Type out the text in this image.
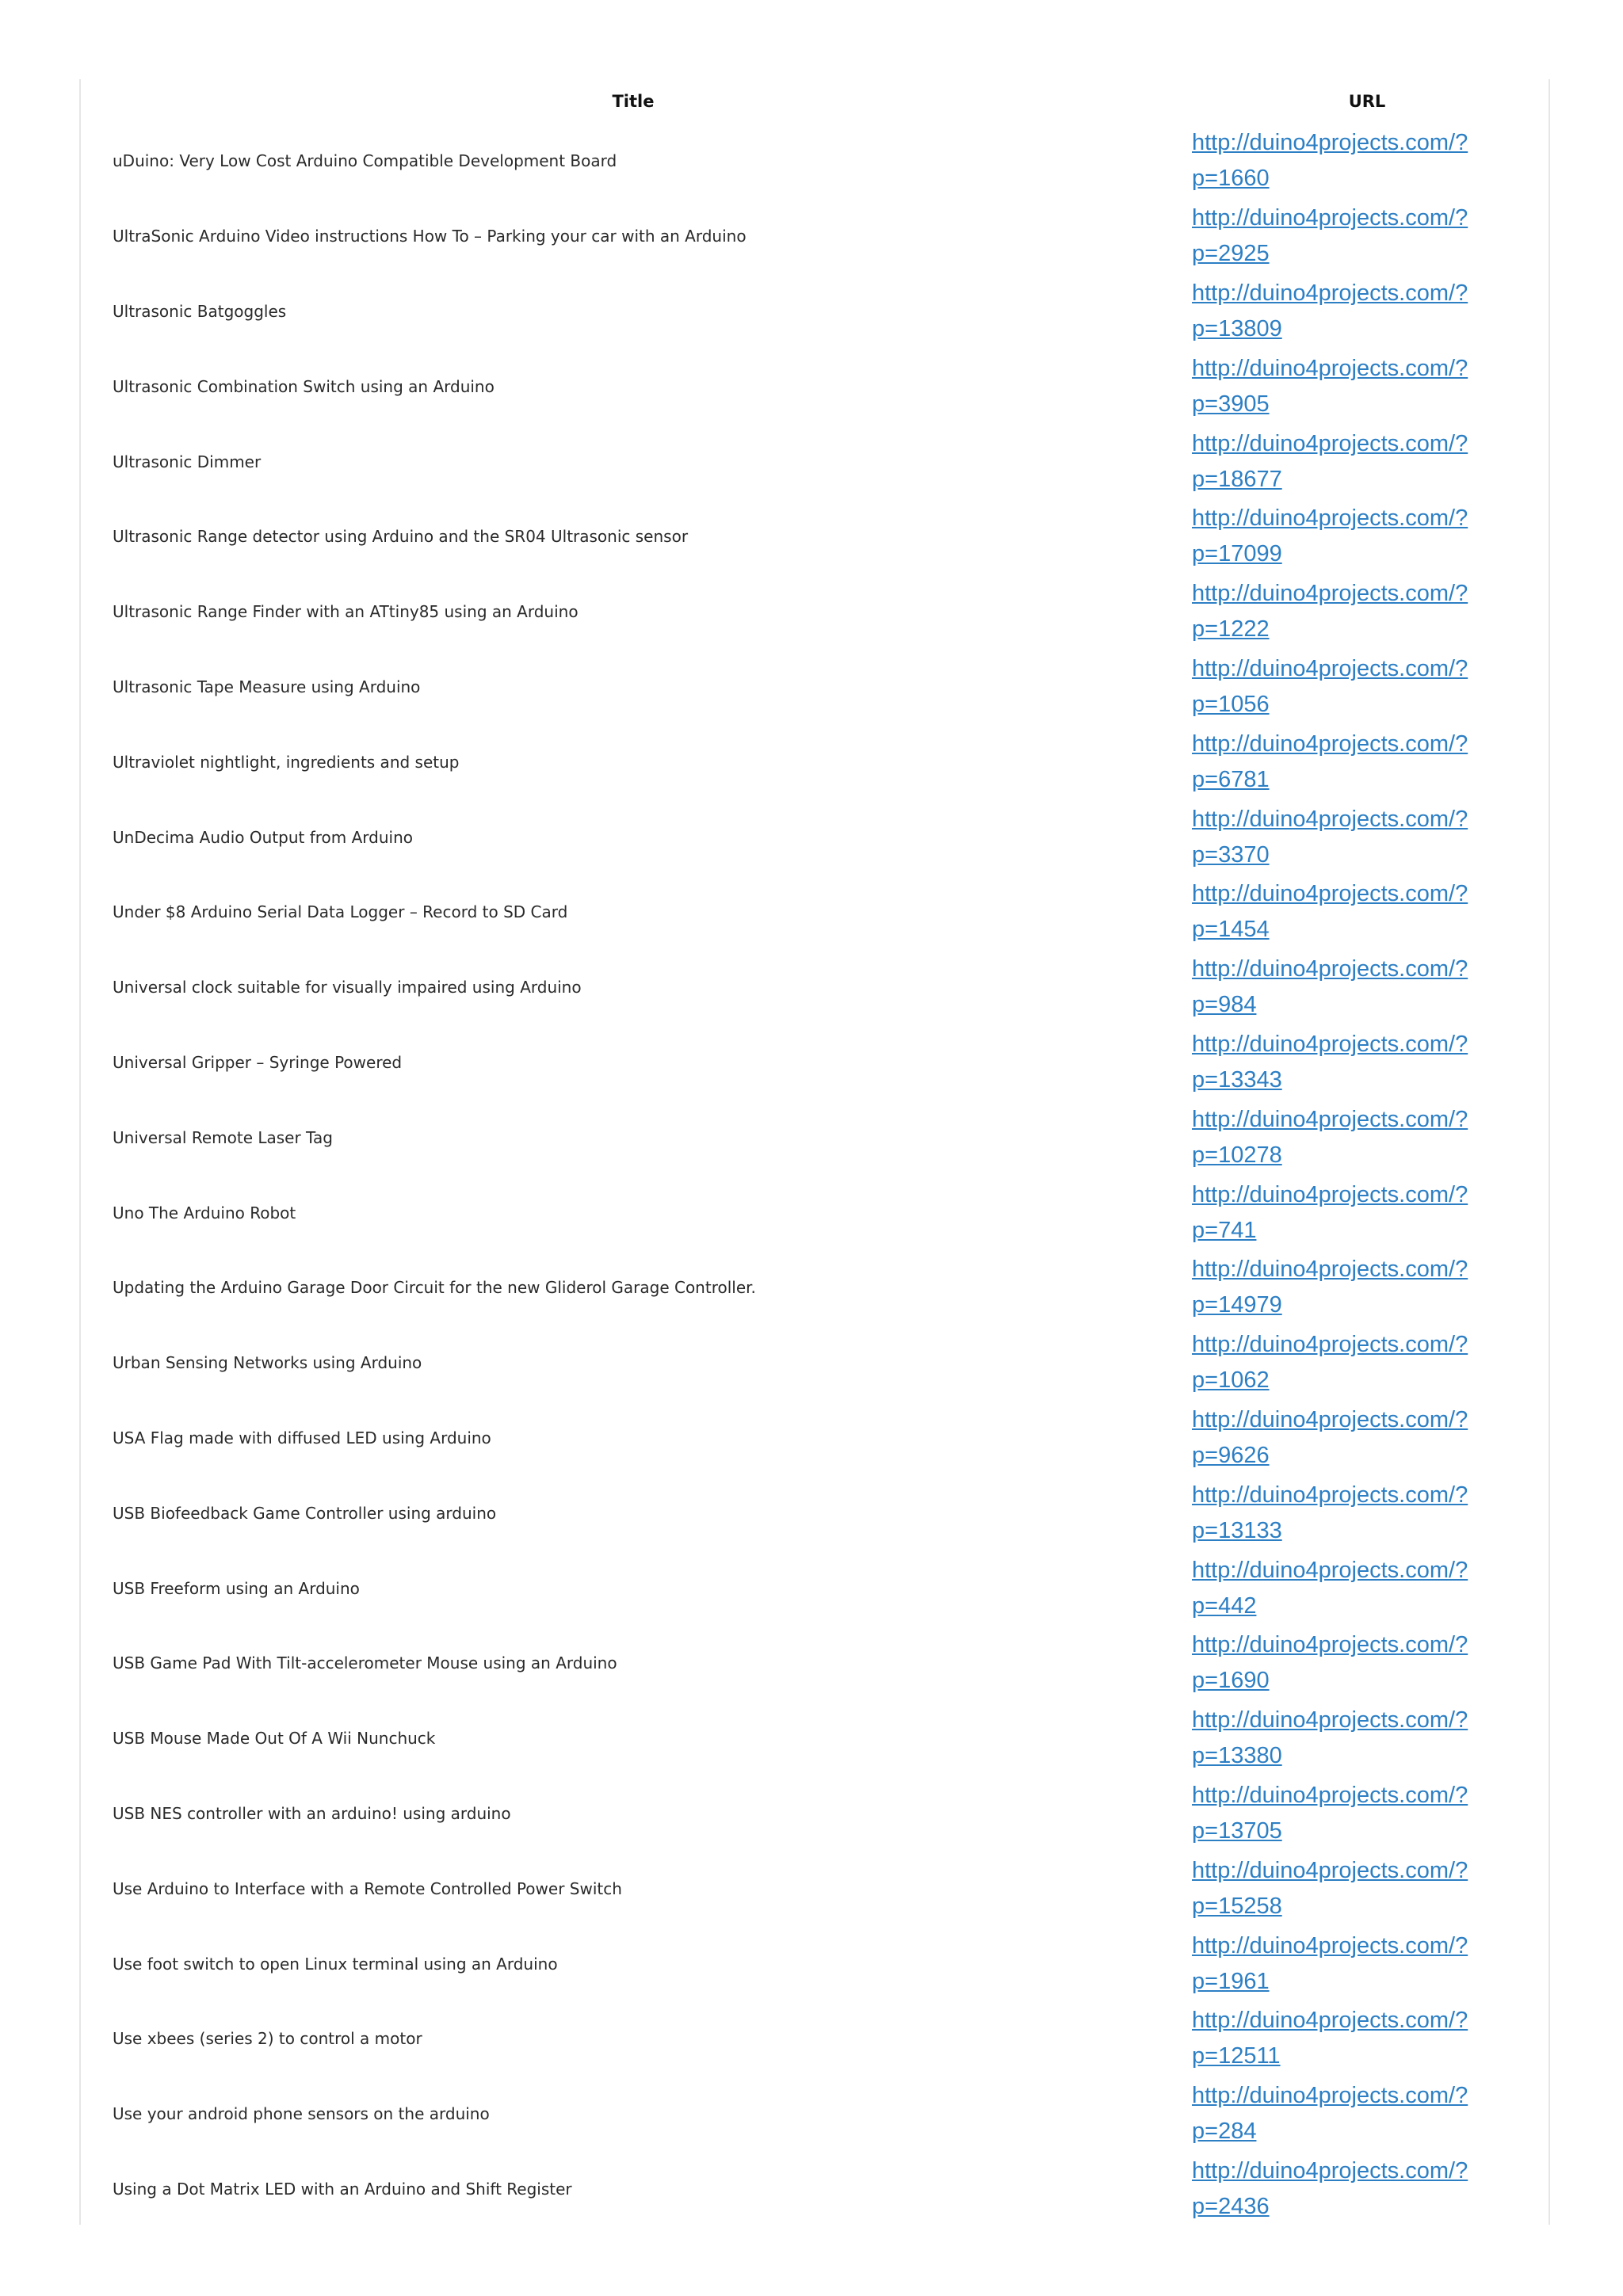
Title	URL
uDuino: Very Low Cost Arduino Compatible Development Board	http://duino4projects.com/?p=1660

UltraSonic Arduino Video instructions How To – Parking your car with an Arduino	http://duino4projects.com/?p=2925

Ultrasonic Batgoggles	http://duino4projects.com/?p=13809

Ultrasonic Combination Switch using an Arduino	http://duino4projects.com/?p=3905

Ultrasonic Dimmer	http://duino4projects.com/?p=18677

Ultrasonic Range detector using Arduino and the SR04 Ultrasonic sensor	http://duino4projects.com/?p=17099

Ultrasonic Range Finder with an ATtiny85 using an Arduino	http://duino4projects.com/?p=1222

Ultrasonic Tape Measure using Arduino	http://duino4projects.com/?p=1056

Ultraviolet nightlight, ingredients and setup	http://duino4projects.com/?p=6781

UnDecima Audio Output from Arduino	http://duino4projects.com/?p=3370

Under $8 Arduino Serial Data Logger – Record to SD Card	http://duino4projects.com/?p=1454

Universal clock suitable for visually impaired using Arduino	http://duino4projects.com/?p=984

Universal Gripper – Syringe Powered	http://duino4projects.com/?p=13343

Universal Remote Laser Tag	http://duino4projects.com/?p=10278

Uno The Arduino Robot	http://duino4projects.com/?p=741

Updating the Arduino Garage Door Circuit for the new Gliderol Garage Controller.	http://duino4projects.com/?p=14979

Urban Sensing Networks using Arduino	http://duino4projects.com/?p=1062

USA Flag made with diffused LED using Arduino	http://duino4projects.com/?p=9626

USB Biofeedback Game Controller using arduino	http://duino4projects.com/?p=13133

USB Freeform using an Arduino	http://duino4projects.com/?p=442

USB Game Pad With Tilt-accelerometer Mouse using an Arduino	http://duino4projects.com/?p=1690

USB Mouse Made Out Of A Wii Nunchuck	http://duino4projects.com/?p=13380

USB NES controller with an arduino! using arduino	http://duino4projects.com/?p=13705

Use Arduino to Interface with a Remote Controlled Power Switch	http://duino4projects.com/?p=15258

Use foot switch to open Linux terminal using an Arduino	http://duino4projects.com/?p=1961

Use xbees (series 2) to control a motor	http://duino4projects.com/?p=12511

Use your android phone sensors on the arduino	http://duino4projects.com/?p=284

Using a Dot Matrix LED with an Arduino and Shift Register	http://duino4projects.com/?p=2436
